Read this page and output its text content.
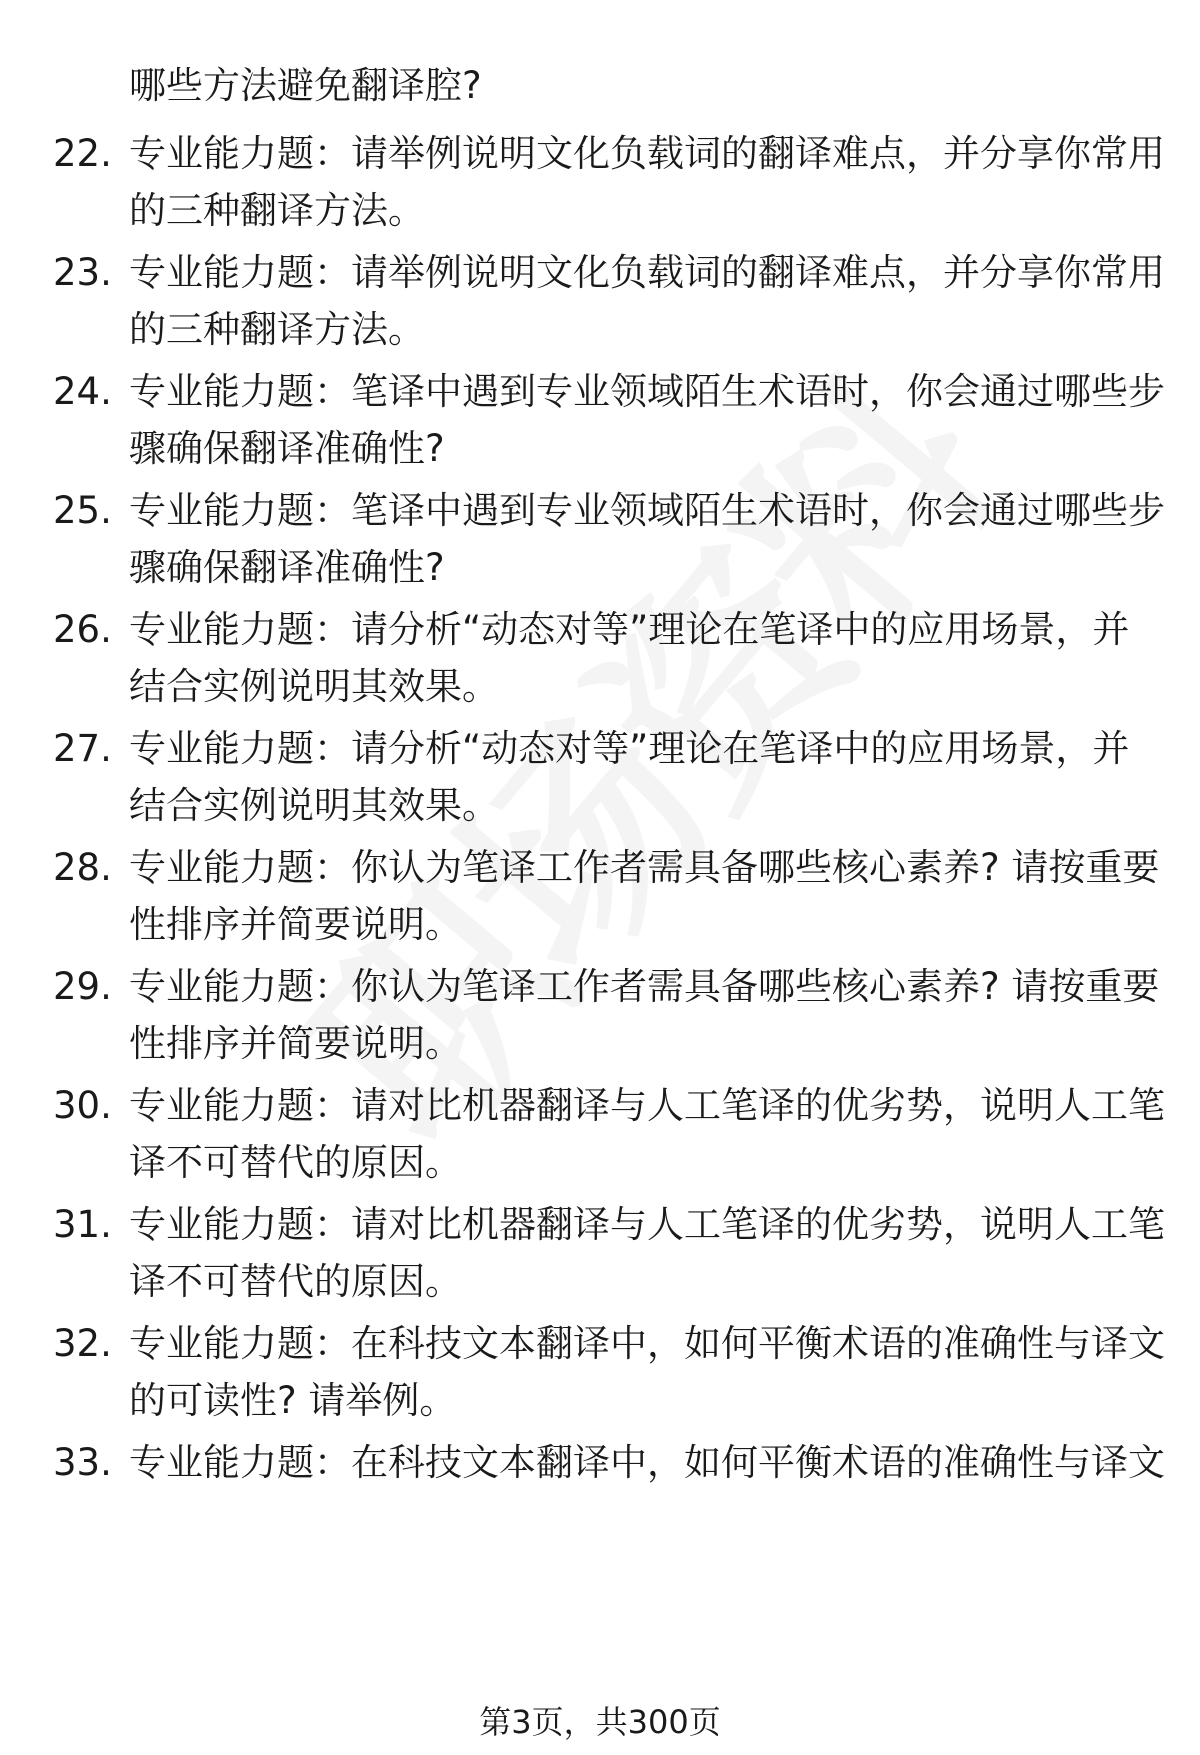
哪些方法避免翻译腔?
22. 专业能力题：请举例说明文化负载词的翻译难点，并分享你常用
的三种翻译方法。
23. 专业能力题：请举例说明文化负载词的翻译难点，并分享你常用
的三种翻译方法。
24. 专业能力题：笔译中遇到专业领域陌生术语时，你会通过哪些步
骤确保翻译准确性?
25. 专业能力题：笔译中遇到专业领域陌生术语时，你会通过哪些步
骤确保翻译准确性?
26. 专业能力题：请分析“动态对等”理论在笔译中的应用场景，并
结合实例说明其效果。
27. 专业能力题：请分析“动态对等”理论在笔译中的应用场景，并
结合实例说明其效果。
28. 专业能力题：你认为笔译工作者需具备哪些核心素养? 请按重要
性排序并简要说明。
29. 专业能力题：你认为笔译工作者需具备哪些核心素养? 请按重要
性排序并简要说明。
30. 专业能力题：请对比机器翻译与人工笔译的优劣势，说明人工笔
译不可替代的原因。
31. 专业能力题：请对比机器翻译与人工笔译的优劣势，说明人工笔
译不可替代的原因。
32. 专业能力题：在科技文本翻译中，如何平衡术语的准确性与译文
的可读性? 请举例。
33. 专业能力题：在科技文本翻译中，如何平衡术语的准确性与译文
第3页，共300页
